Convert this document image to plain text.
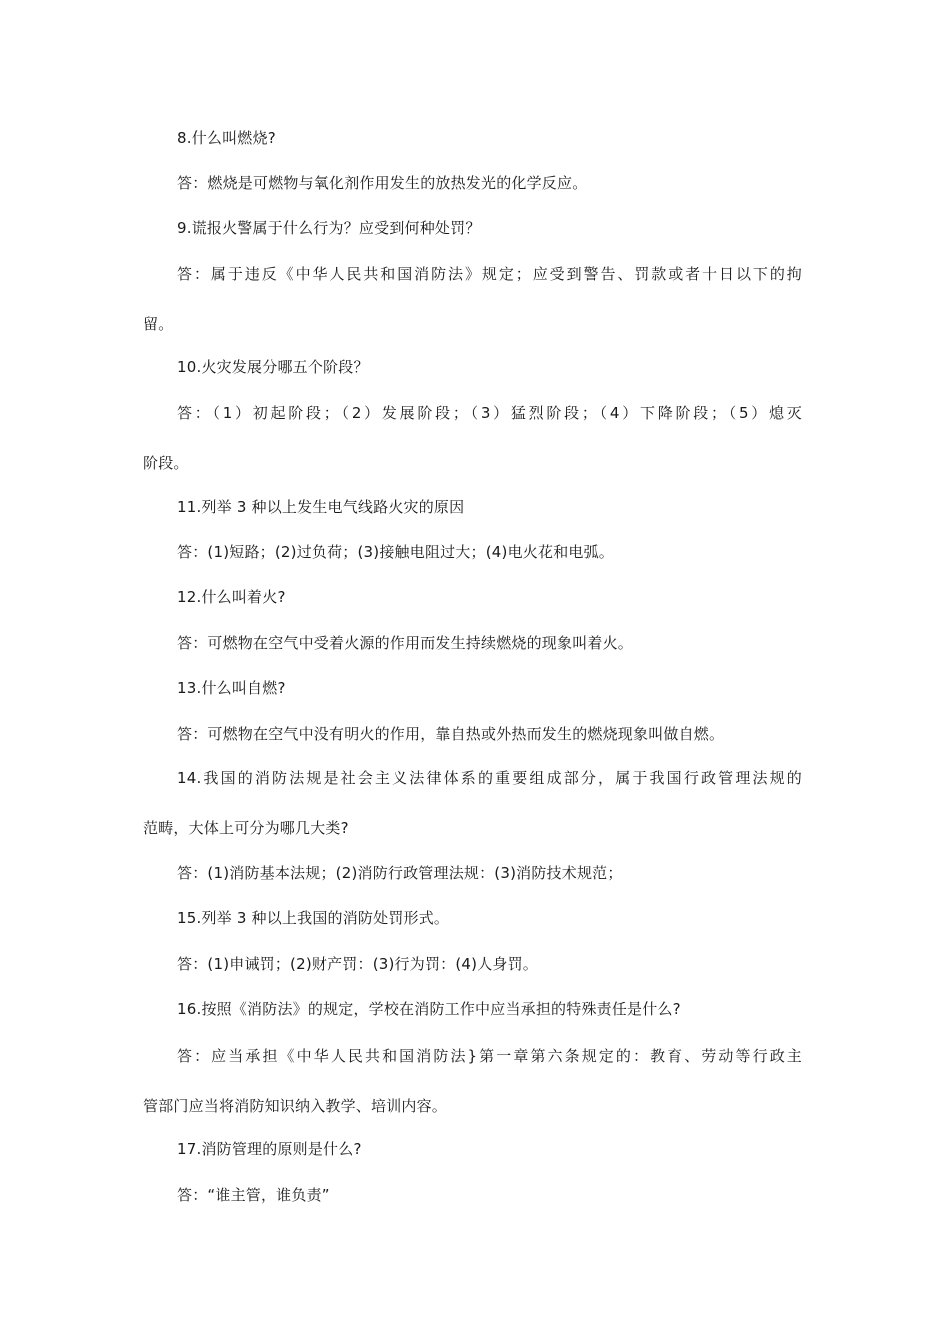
8.什么叫燃烧?
答：燃烧是可燃物与氧化剂作用发生的放热发光的化学反应。
9.谎报火警属于什么行为？应受到何种处罚？
答：属于违反《中华人民共和国消防法》规定；应受到警告、罚款或者十日以下的拘
留。
10.火灾发展分哪五个阶段？
答：（1）初起阶段；（2）发展阶段；（3）猛烈阶段；（4）下降阶段；（5）熄灭
阶段。
11.列举 3 种以上发生电气线路火灾的原因
答：(1)短路；(2)过负荷；(3)接触电阻过大；(4)电火花和电弧。
12.什么叫着火?
答：可燃物在空气中受着火源的作用而发生持续燃烧的现象叫着火。
13.什么叫自燃?
答：可燃物在空气中没有明火的作用，靠自热或外热而发生的燃烧现象叫做自燃。
14.我国的消防法规是社会主义法律体系的重要组成部分，属于我国行政管理法规的
范畴，大体上可分为哪几大类?
答：(1)消防基本法规；(2)消防行政管理法规：(3)消防技术规范；
15.列举 3 种以上我国的消防处罚形式。
答：(1)申诫罚；(2)财产罚：(3)行为罚：(4)人身罚。
16.按照《消防法》的规定，学校在消防工作中应当承担的特殊责任是什么?
答：应当承担《中华人民共和国消防法}第一章第六条规定的：教育、劳动等行政主
管部门应当将消防知识纳入教学、培训内容。
17.消防管理的原则是什么?
答：“谁主管，谁负责”
